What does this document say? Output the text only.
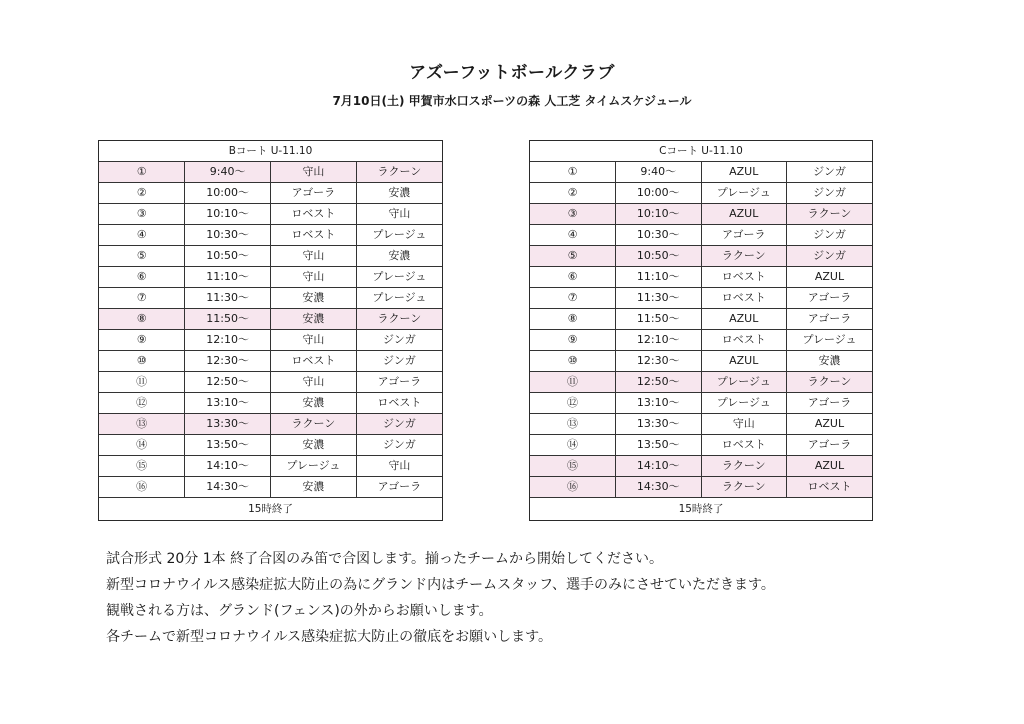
アズーフットボールクラブ
7月10日(土) 甲賀市水口スポーツの森 人工芝 タイムスケジュール
Bコート U-11.10			
①	9:40～	守山	ラクーン
②	10:00～	アゴーラ	安濃
③	10:10～	ロベスト	守山
④	10:30～	ロベスト	プレージュ
⑤	10:50～	守山	安濃
⑥	11:10～	守山	プレージュ
⑦	11:30～	安濃	プレージュ
⑧	11:50～	安濃	ラクーン
⑨	12:10～	守山	ジンガ
⑩	12:30～	ロベスト	ジンガ
⑪	12:50～	守山	アゴーラ
⑫	13:10～	安濃	ロベスト
⑬	13:30～	ラクーン	ジンガ
⑭	13:50～	安濃	ジンガ
⑮	14:10～	プレージュ	守山
⑯	14:30～	安濃	アゴーラ
15時終了			
Cコート U-11.10			
①	9:40～	AZUL	ジンガ
②	10:00～	プレージュ	ジンガ
③	10:10～	AZUL	ラクーン
④	10:30～	アゴーラ	ジンガ
⑤	10:50～	ラクーン	ジンガ
⑥	11:10～	ロベスト	AZUL
⑦	11:30～	ロベスト	アゴーラ
⑧	11:50～	AZUL	アゴーラ
⑨	12:10～	ロベスト	プレージュ
⑩	12:30～	AZUL	安濃
⑪	12:50～	プレージュ	ラクーン
⑫	13:10～	プレージュ	アゴーラ
⑬	13:30～	守山	AZUL
⑭	13:50～	ロベスト	アゴーラ
⑮	14:10～	ラクーン	AZUL
⑯	14:30～	ラクーン	ロベスト
15時終了			

試合形式 20分 1本 終了合図のみ笛で合図します。揃ったチームから開始してください。

新型コロナウイルス感染症拡大防止の為にグランド内はチームスタッフ、選手のみにさせていただきます。

観戦される方は、グランド(フェンス)の外からお願いします。

各チームで新型コロナウイルス感染症拡大防止の徹底をお願いします。
